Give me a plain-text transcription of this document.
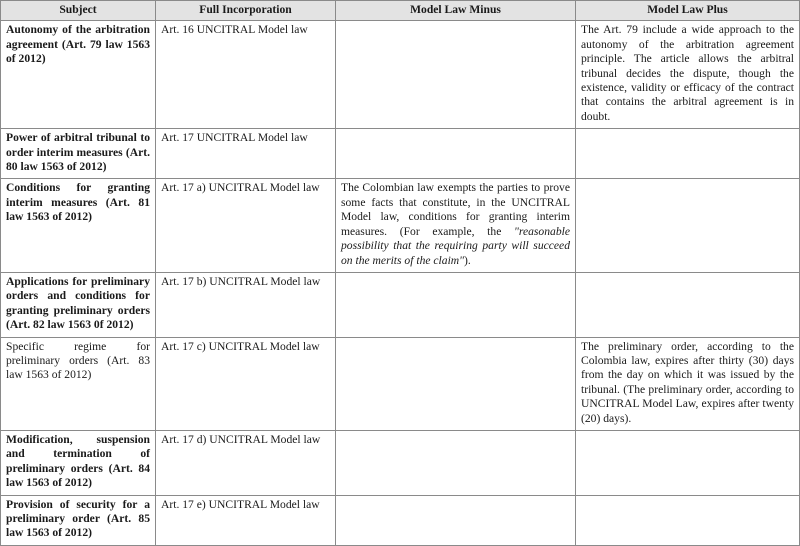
Subject	Full Incorporation	Model Law Minus	Model Law Plus
Autonomy of the arbitration agreement (Art. 79 law 1563 of 2012)	Art. 16 UNCITRAL Model law		The Art. 79 include a wide approach to the autonomy of the arbitration agreement principle. The article allows the arbitral tribunal decides the dispute, though the existence, validity or efficacy of the contract that contains the arbitral agreement is in doubt.
Power of arbitral tribunal to order interim measures (Art. 80 law 1563 of 2012)	Art. 17 UNCITRAL Model law		
Conditions for granting interim measures (Art. 81 law 1563 of 2012)	Art. 17 a) UNCITRAL Model law	The Colombian law exempts the parties to prove some facts that constitute, in the UNCITRAL Model law, conditions for granting interim measures. (For example, the "reasonable possibility that the requiring party will succeed on the merits of the claim").	
Applications for preliminary orders and conditions for granting preliminary orders (Art. 82 law 1563 0f 2012)	Art. 17 b) UNCITRAL Model law		
Specific regime for preliminary orders (Art. 83 law 1563 of 2012)	Art. 17 c) UNCITRAL Model law		The preliminary order, according to the Colombia law, expires after thirty (30) days from the day on which it was issued by the tribunal. (The preliminary order, according to UNCITRAL Model Law, expires after twenty (20) days).
Modification, suspension and termination of preliminary orders (Art. 84 law 1563 of 2012)	Art. 17 d) UNCITRAL Model law		
Provision of security for a preliminary order (Art. 85 law 1563 of 2012)	Art. 17 e) UNCITRAL Model law		
